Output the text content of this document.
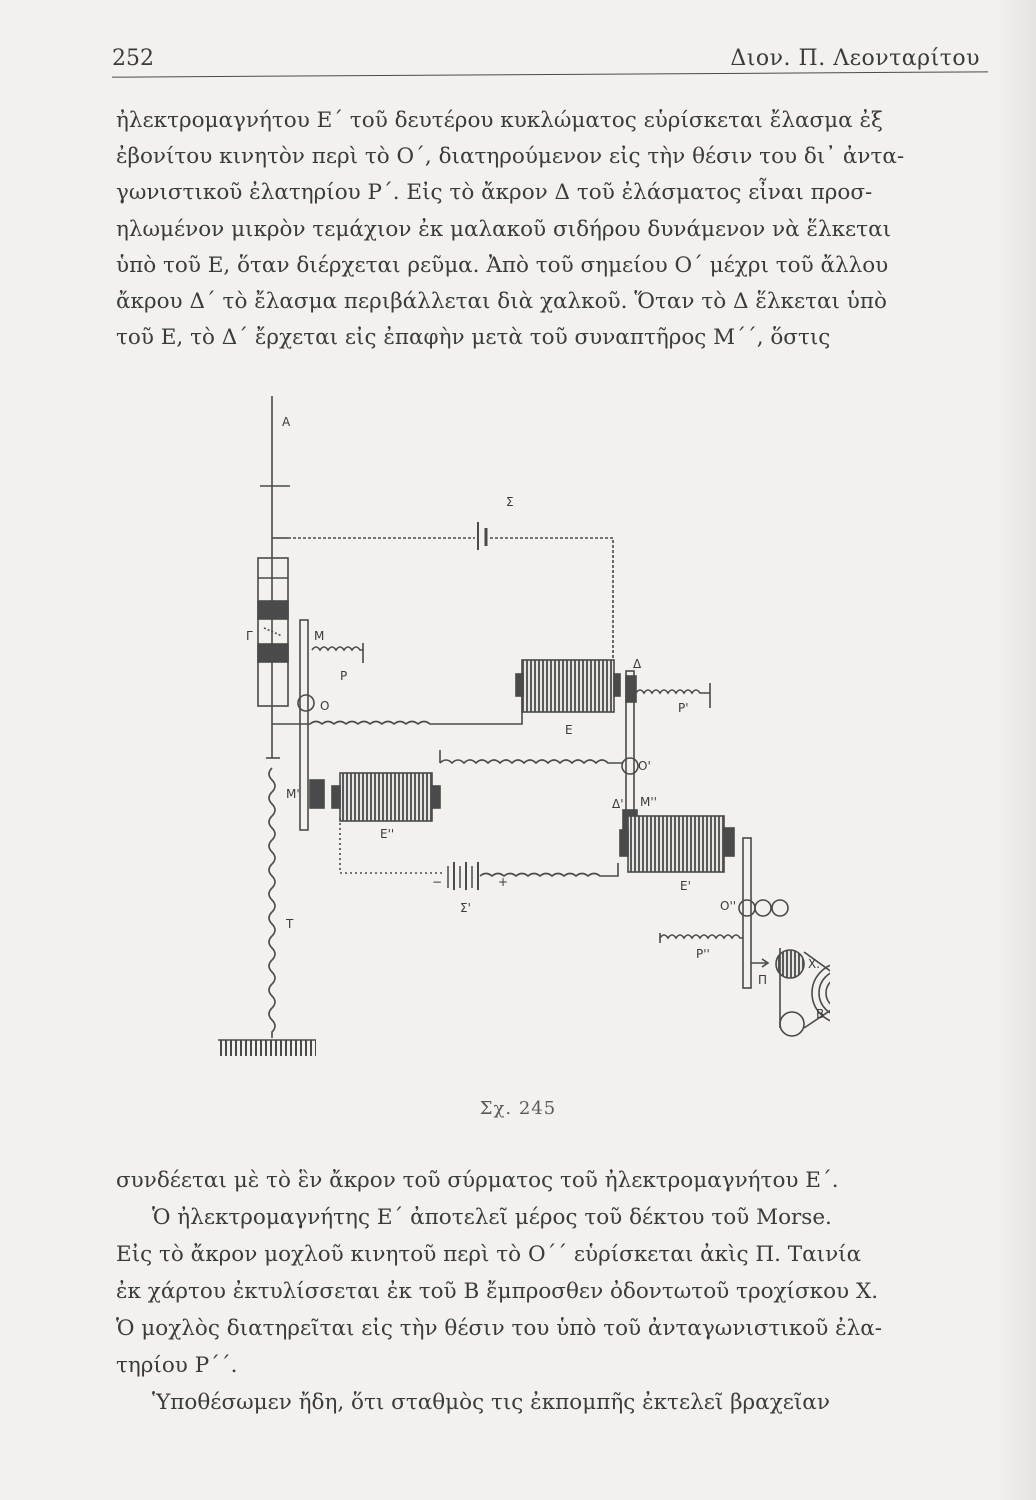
252	Διον. Π. Λεονταρίτου
ἠλεκτρομαγνήτου Ε΄ τοῦ δευτέρου κυκλώματος εὑρίσκεται ἔλασμα ἐξ
ἐβονίτου κινητὸν περὶ τὸ Ο΄, διατηρούμενον εἰς τὴν θέσιν του δι᾽ ἀντα-
γωνιστικοῦ ἐλατηρίου Ρ΄. Εἰς τὸ ἄκρον Δ τοῦ ἐλάσματος εἶναι προσ-
ηλωμένον μικρὸν τεμάχιον ἐκ μαλακοῦ σιδήρου δυνάμενον νὰ ἕλκεται
ὑπὸ τοῦ Ε, ὅταν διέρχεται ρεῦμα. Ἀπὸ τοῦ σημείου Ο΄ μέχρι τοῦ ἄλλου
ἄκρου Δ΄ τὸ ἔλασμα περιβάλλεται διὰ χαλκοῦ. Ὅταν τὸ Δ ἕλκεται ὑπὸ
τοῦ Ε, τὸ Δ΄ ἔρχεται εἰς ἐπαφὴν μετὰ τοῦ συναπτῆρος Μ΄΄, ὅστις
A
Σ
Γ	M
P
O
E
Δ
P'
O'
M'
E''
Δ' M''
E'
Σ'
−	+
T
O''
P''
Π
X.
B
Σχ. 245
συνδέεται μὲ τὸ ἓν ἄκρον τοῦ σύρματος τοῦ ἠλεκτρομαγνήτου Ε΄.
Ὁ ἠλεκτρομαγνήτης Ε΄ ἀποτελεῖ μέρος τοῦ δέκτου τοῦ Morse.
Εἰς τὸ ἄκρον μοχλοῦ κινητοῦ περὶ τὸ Ο΄΄ εὑρίσκεται ἀκὶς Π. Ταινία
ἐκ χάρτου ἐκτυλίσσεται ἐκ τοῦ Β ἔμπροσθεν ὀδοντωτοῦ τροχίσκου Χ.
Ὁ μοχλὸς διατηρεῖται εἰς τὴν θέσιν του ὑπὸ τοῦ ἀνταγωνιστικοῦ ἐλα-
τηρίου Ρ΄΄.
Ὑποθέσωμεν ἤδη, ὅτι σταθμὸς τις ἐκπομπῆς ἐκτελεῖ βραχεῖαν
